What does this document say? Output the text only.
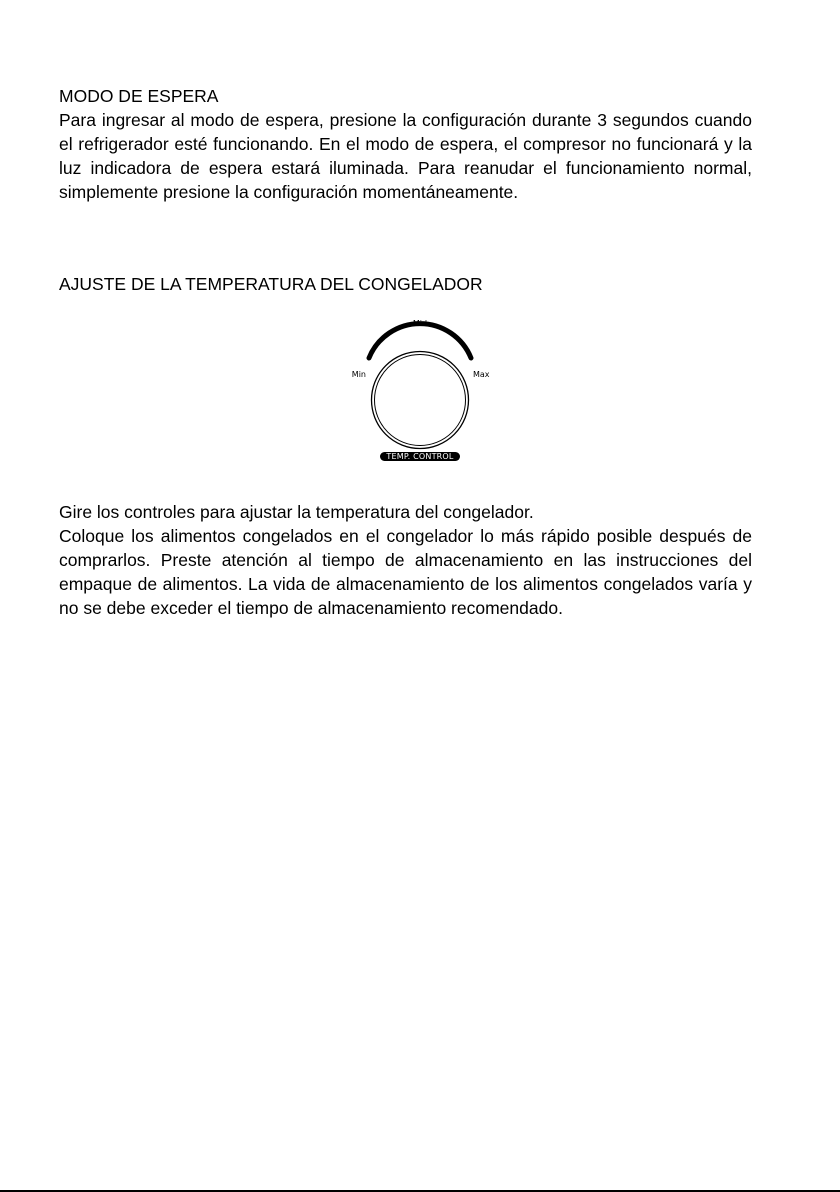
MODO DE ESPERA

Para ingresar al modo de espera, presione la configuración durante 3 segundos cuando el refrigerador esté funcionando. En el modo de espera, el compresor no funcionará y la luz indicadora de espera estará iluminada. Para reanudar el funcionamiento normal, simplemente presione la configuración momentáneamente.

AJUSTE DE LA TEMPERATURA DEL CONGELADOR
Mid
Min	Max
TEMP. CONTROL

Gire los controles para ajustar la temperatura del congelador.

Coloque los alimentos congelados en el congelador lo más rápido posible después de comprarlos. Preste atención al tiempo de almacenamiento en las instrucciones del empaque de alimentos. La vida de almacenamiento de los alimentos congelados varía y no se debe exceder el tiempo de almacenamiento recomendado.
